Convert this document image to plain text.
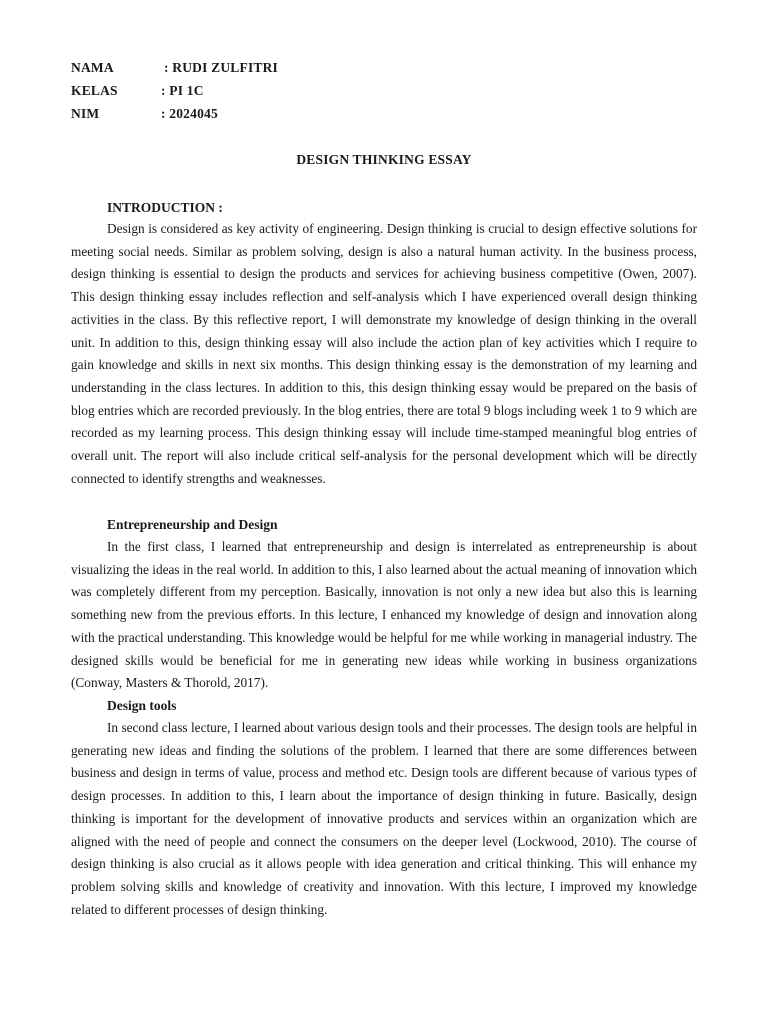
NAMA	: RUDI ZULFITRI
KELAS	: PI 1C
NIM	: 2024045
DESIGN THINKING ESSAY
INTRODUCTION :

Design is considered as key activity of engineering. Design thinking is crucial to design effective solutions for meeting social needs. Similar as problem solving, design is also a natural human activity. In the business process, design thinking is essential to design the products and services for achieving business competitive (Owen, 2007). This design thinking essay includes reflection and self-analysis which I have experienced overall design thinking activities in the class. By this reflective report, I will demonstrate my knowledge of design thinking in the overall unit. In addition to this, design thinking essay will also include the action plan of key activities which I require to gain knowledge and skills in next six months. This design thinking essay is the demonstration of my learning and understanding in the class lectures. In addition to this, this design thinking essay would be prepared on the basis of blog entries which are recorded previously. In the blog entries, there are total 9 blogs including week 1 to 9 which are recorded as my learning process. This design thinking essay will include time-stamped meaningful blog entries of overall unit. The report will also include critical self-analysis for the personal development which will be directly connected to identify strengths and weaknesses.

Entrepreneurship and Design

In the first class, I learned that entrepreneurship and design is interrelated as entrepreneurship is about visualizing the ideas in the real world. In addition to this, I also learned about the actual meaning of innovation which was completely different from my perception. Basically, innovation is not only a new idea but also this is learning something new from the previous efforts. In this lecture, I enhanced my knowledge of design and innovation along with the practical understanding. This knowledge would be helpful for me while working in managerial industry. The designed skills would be beneficial for me in generating new ideas while working in business organizations (Conway, Masters & Thorold, 2017).

Design tools

In second class lecture, I learned about various design tools and their processes. The design tools are helpful in generating new ideas and finding the solutions of the problem. I learned that there are some differences between business and design in terms of value, process and method etc. Design tools are different because of various types of design processes. In addition to this, I learn about the importance of design thinking in future. Basically, design thinking is important for the development of innovative products and services within an organization which are aligned with the need of people and connect the consumers on the deeper level (Lockwood, 2010). The course of design thinking is also crucial as it allows people with idea generation and critical thinking. This will enhance my problem solving skills and knowledge of creativity and innovation. With this lecture, I improved my knowledge related to different processes of design thinking.
